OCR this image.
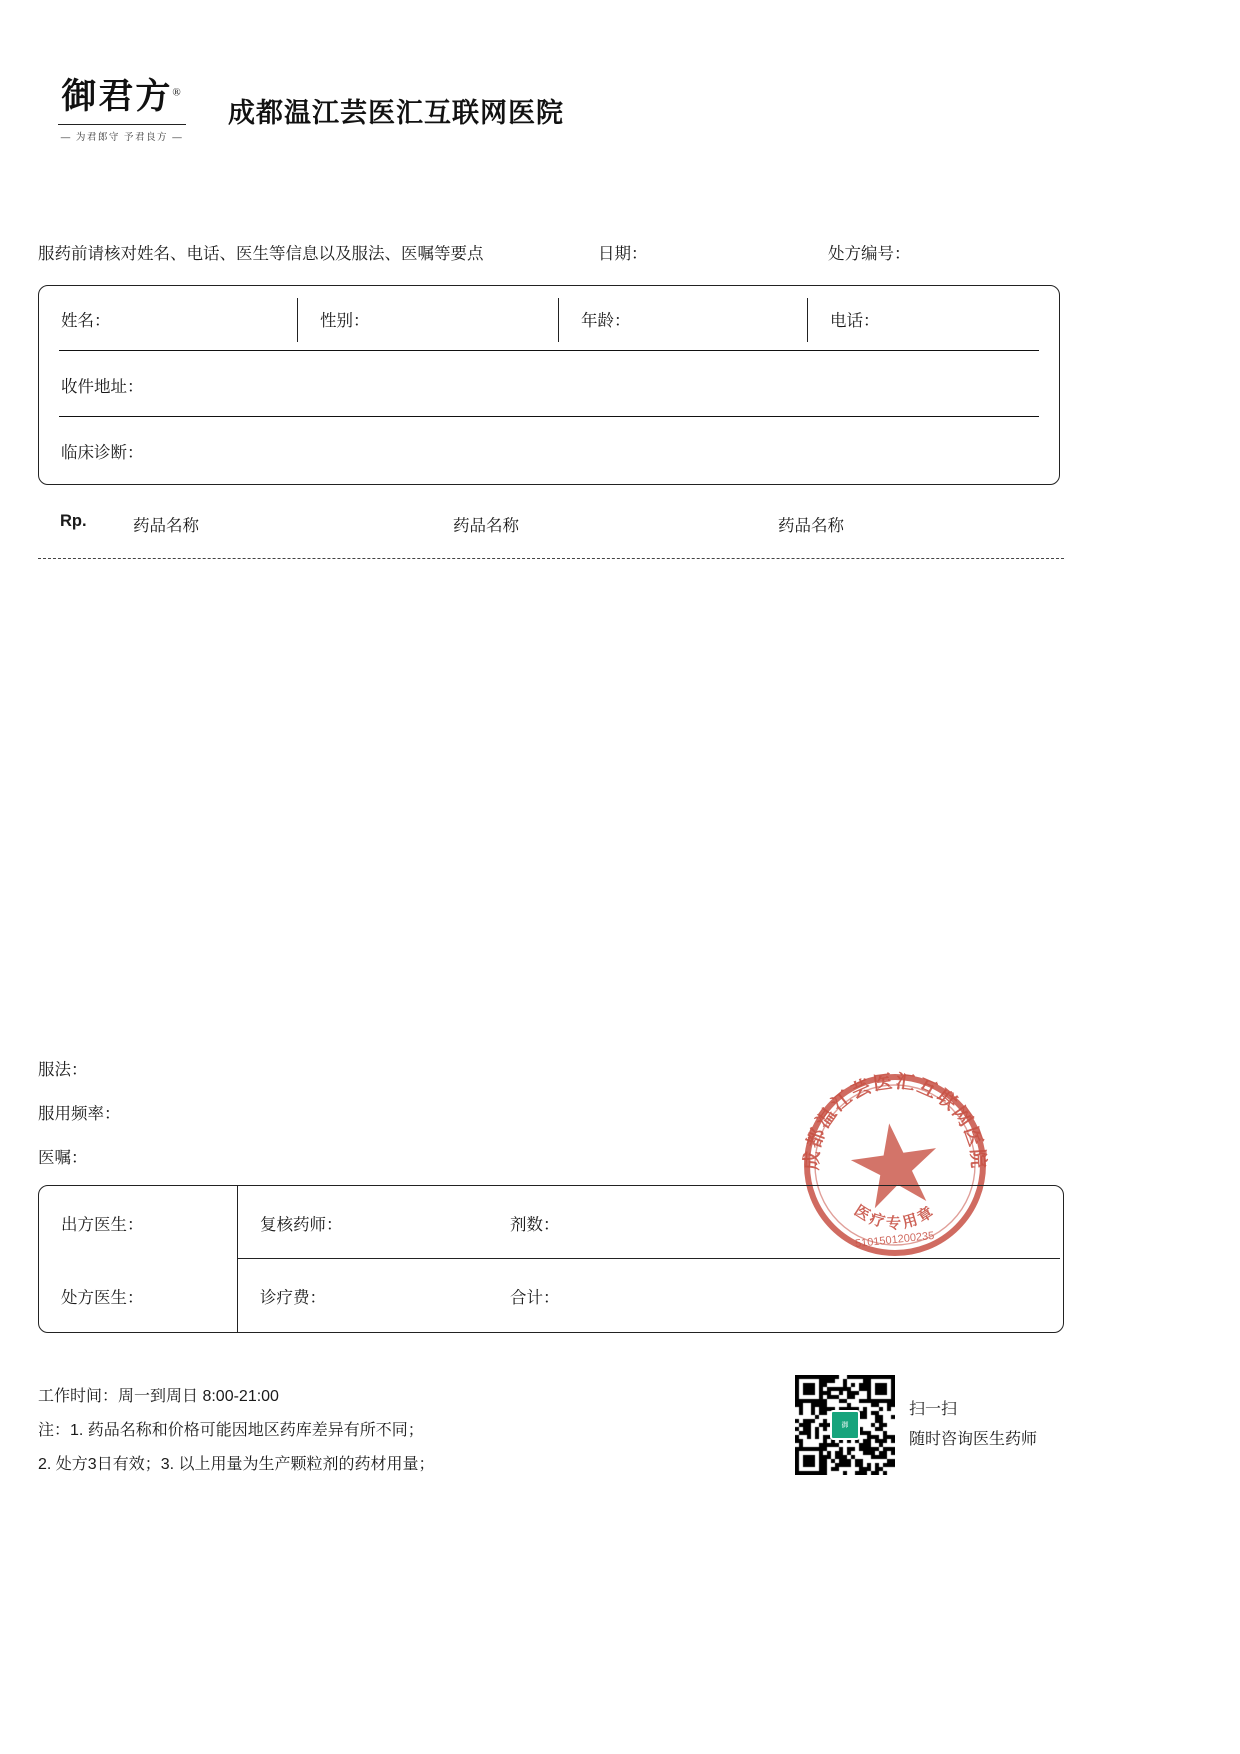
御君方®
— 为君郎守 予君良方 —
成都温江芸医汇互联网医院
服药前请核对姓名、电话、医生等信息以及服法、医嘱等要点	日期：	处方编号：
姓名：	性别：	年龄：	电话：
收件地址：
临床诊断：
Rp.	药品名称	药品名称	药品名称
服法：
服用频率：
医嘱：	成都温江芸医汇互联网医院
医疗专用章
5101501200235
出方医生：	复核药师：	剂数：
处方医生：	诊疗费：	合计：
工作时间：周一到周日 8:00-21:00
注：1. 药品名称和价格可能因地区药库差异有所不同；
2. 处方3日有效；3. 以上用量为生产颗粒剂的药材用量；
御
扫一扫
随时咨询医生药师
